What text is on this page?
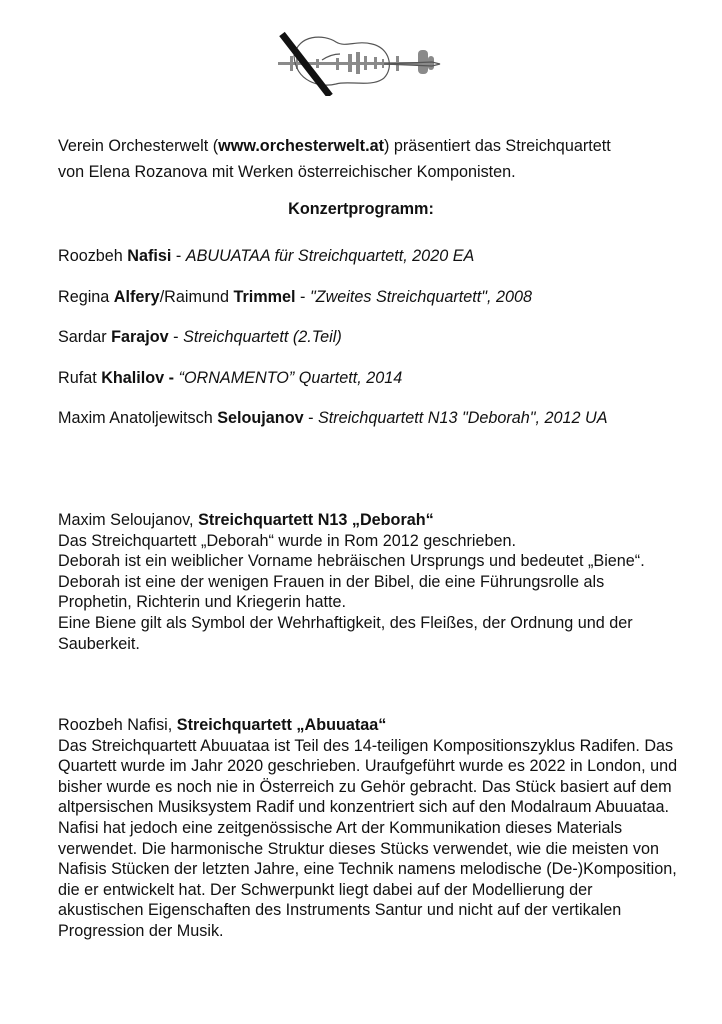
Verein Orchesterwelt (www.orchesterwelt.at) präsentiert das Streichquartett
von Elena Rozanova mit Werken österreichischer Komponisten.
Konzertprogramm:
Roozbeh Nafisi - ABUUATAA für Streichquartett, 2020 EA
Regina Alfery/Raimund Trimmel - "Zweites Streichquartett", 2008
Sardar Farajov - Streichquartett (2.Teil)
Rufat Khalilov - “ORNAMENTO” Quartett, 2014
Maxim Anatoljewitsch Seloujanov - Streichquartett N13 "Deborah", 2012 UA

Maxim Seloujanov, Streichquartett N13 „Deborah“

Das Streichquartett „Deborah“ wurde in Rom 2012 geschrieben.

Deborah ist ein weiblicher Vorname hebräischen Ursprungs und bedeutet „Biene“.

Deborah ist eine der wenigen Frauen in der Bibel, die eine Führungsrolle als Prophetin, Richterin und Kriegerin hatte.

Eine Biene gilt als Symbol der Wehrhaftigkeit, des Fleißes, der Ordnung und der Sauberkeit.

Roozbeh Nafisi, Streichquartett „Abuuataa“

Das Streichquartett Abuuataa ist Teil des 14-teiligen Kompositionszyklus Radifen. Das Quartett wurde im Jahr 2020 geschrieben. Uraufgeführt wurde es 2022 in London, und bisher wurde es noch nie in Österreich zu Gehör gebracht. Das Stück basiert auf dem altpersischen Musiksystem Radif und konzentriert sich auf den Modalraum Abuuataa. Nafisi hat jedoch eine zeitgenössische Art der Kommunikation dieses Materials verwendet. Die harmonische Struktur dieses Stücks verwendet, wie die meisten von Nafisis Stücken der letzten Jahre, eine Technik namens melodische (De-)Komposition, die er entwickelt hat. Der Schwerpunkt liegt dabei auf der Modellierung der akustischen Eigenschaften des Instruments Santur und nicht auf der vertikalen Progression der Musik.
